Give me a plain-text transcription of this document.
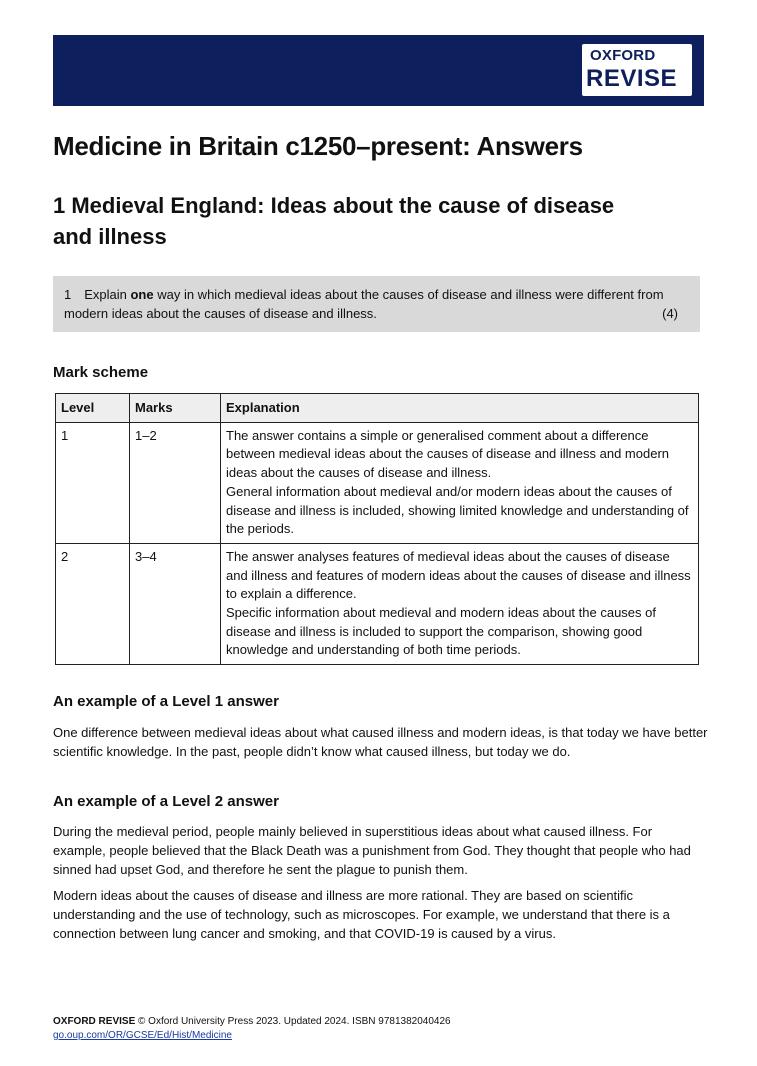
OXFORD
REVISE
Medicine in Britain c1250–present: Answers
1 Medieval England: Ideas about the cause of disease and illness
1 Explain one way in which medieval ideas about the causes of disease and illness were different from modern ideas about the causes of disease and illness.	(4)
Mark scheme
Level	Marks	Explanation
1	1–2	The answer contains a simple or generalised comment about a difference between medieval ideas about the causes of disease and illness and modern ideas about the causes of disease and illness.
General information about medieval and/or modern ideas about the causes of disease and illness is included, showing limited knowledge and understanding of the periods.

2	3–4	The answer analyses features of medieval ideas about the causes of disease and illness and features of modern ideas about the causes of disease and illness to explain a difference.
Specific information about medieval and modern ideas about the causes of disease and illness is included to support the comparison, showing good knowledge and understanding of both time periods.
An example of a Level 1 answer

One difference between medieval ideas about what caused illness and modern ideas, is that today we have better scientific knowledge. In the past, people didn’t know what caused illness, but today we do.

An example of a Level 2 answer

During the medieval period, people mainly believed in superstitious ideas about what caused illness. For example, people believed that the Black Death was a punishment from God. They thought that people who had sinned had upset God, and therefore he sent the plague to punish them.

Modern ideas about the causes of disease and illness are more rational. They are based on scientific understanding and the use of technology, such as microscopes. For example, we understand that there is a connection between lung cancer and smoking, and that COVID-19 is caused by a virus.

OXFORD REVISE © Oxford University Press 2023. Updated 2024. ISBN 9781382040426
go.oup.com/OR/GCSE/Ed/Hist/Medicine
